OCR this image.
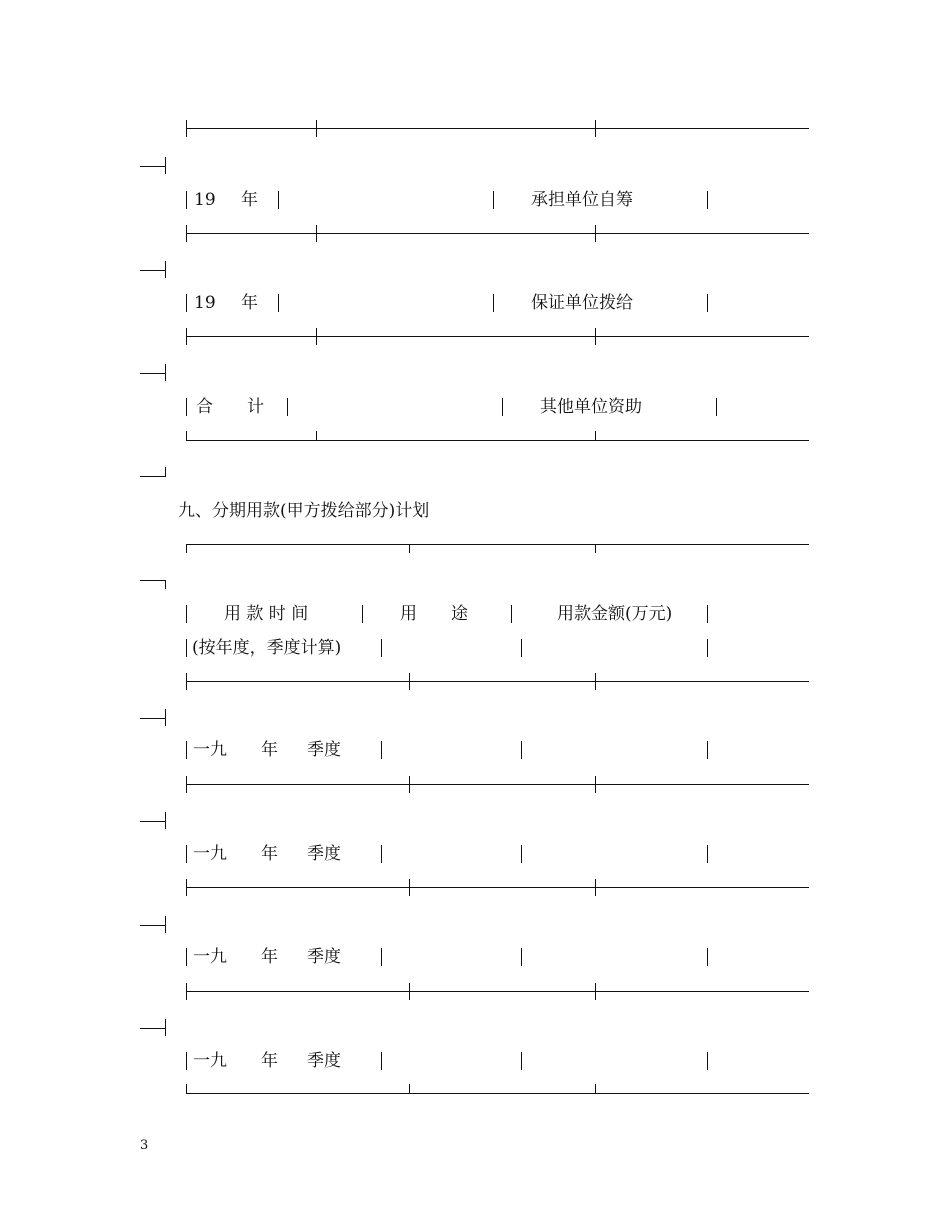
19 年	承担单位自筹
19 年	保证单位拨给
合　　计	其他单位资助
九、分期用款(甲方拨给部分)计划
用 款 时 间	用　　途	用款金额(万元)
(按年度，季度计算)
一九 年 季度
一九 年 季度
一九 年 季度
一九 年 季度
3
